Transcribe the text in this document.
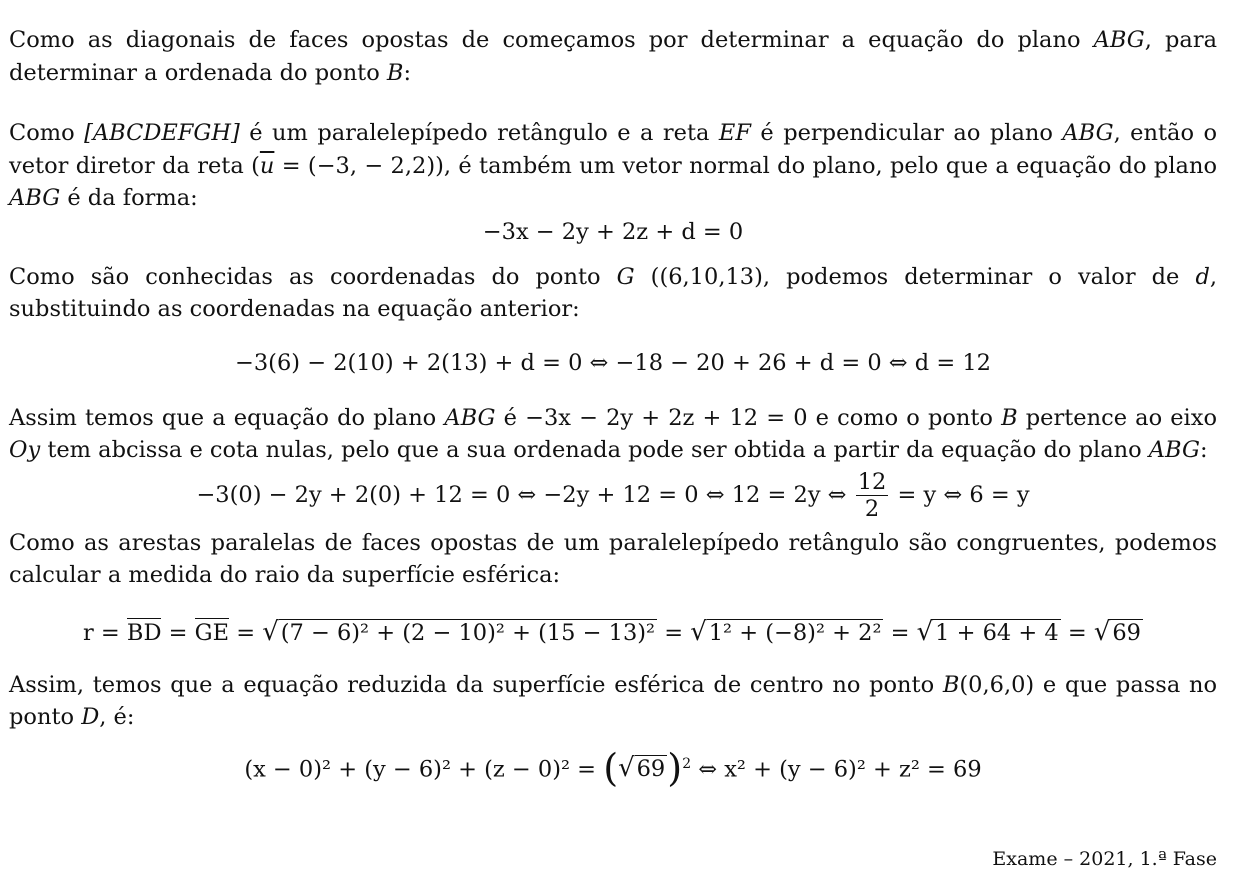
Como as diagonais de faces opostas de começamos por determinar a equação do plano ABG, para determinar a ordenada do ponto B:

Como [ABCDEFGH] é um paralelepípedo retângulo e a reta EF é perpendicular ao plano ABG, então o vetor diretor da reta ($\overline{u} = (-3$, − 2,2)), é também um vetor normal do plano, pelo que a equação do plano ABG é da forma:

−3x − 2y + 2z + d = 0

Como são conhecidas as coordenadas do ponto G ((6,10,13), podemos determinar o valor de d, substituindo as coordenadas na equação anterior:

−3(6) − 2(10) + 2(13) + d = 0 ⇔ −18 − 20 + 26 + d = 0 ⇔ d = 12

Assim temos que a equação do plano ABG é −3x − 2y + 2z + 12 = 0 e como o ponto B pertence ao eixo Oy tem abcissa e cota nulas, pelo que a sua ordenada pode ser obtida a partir da equação do plano ABG:

−3(0) − 2y + 2(0) + 12 = 0 ⇔ −2y + 12 = 0 ⇔ 12 = 2y ⇔ $\frac{12}{2} = y$ ⇔ 6 = y

Como as arestas paralelas de faces opostas de um paralelepípedo retângulo são congruentes, podemos calcular a medida do raio da superfície esférica:

r = BD = GE = √(7 − 6)² + (2 − 10)² + (15 − 13)² = √1² + (−8)² + 2² = √1 + 64 + 4 = √69

Assim, temos que a equação reduzida da superfície esférica de centro no ponto B(0,6,0) e que passa no ponto D, é:

$(x - 0)^2 + (y - 6)^2 + (z - 0)^2 = (√69)^2$ ⇔ x² + (y − 6)² + z² = 69
Exame – 2021, 1.ª Fase
